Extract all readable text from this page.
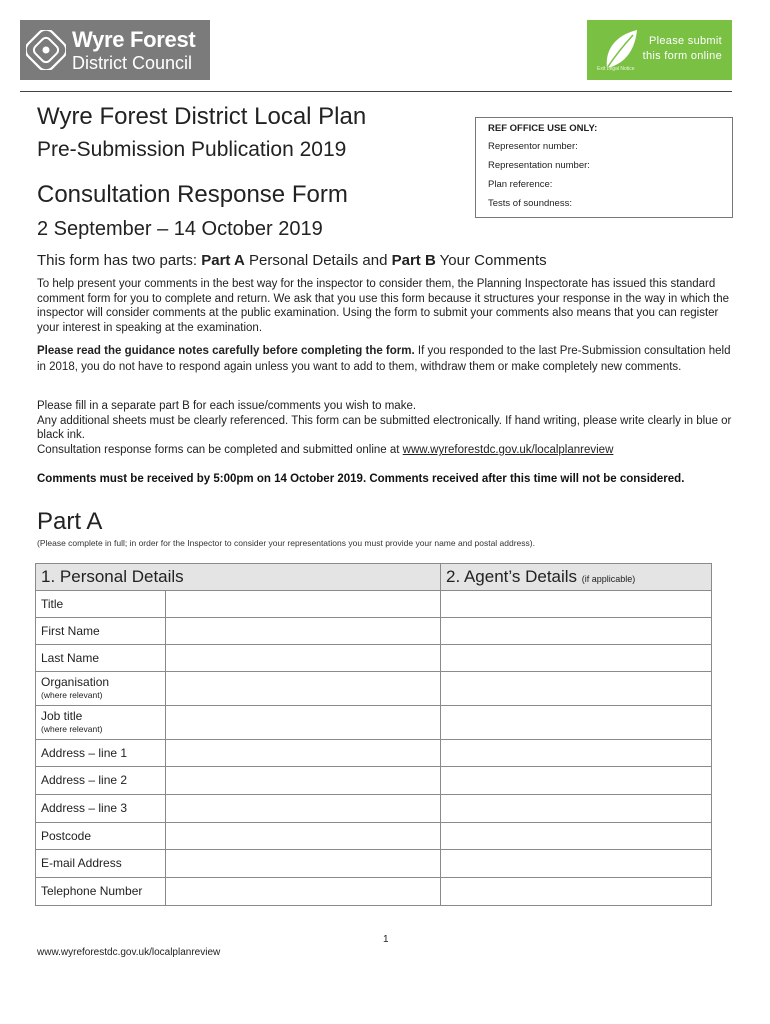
Wyre Forest
District Council
Please submit
this form online
Exit Legal Notice
Wyre Forest District Local Plan
Pre-Submission Publication 2019
Consultation Response Form
2 September – 14 October 2019
REF OFFICE USE ONLY:
Representor number:
Representation number:
Plan reference:
Tests of soundness:
This form has two parts: Part A Personal Details and Part B Your Comments
To help present your comments in the best way for the inspector to consider them, the Planning Inspectorate has issued this standard comment form for you to complete and return. We ask that you use this form because it structures your response in the way in which the inspector will consider comments at the public examination. Using the form to submit your comments also means that you can register your interest in speaking at the examination.
Please read the guidance notes carefully before completing the form. If you responded to the last Pre-Submission consultation held in 2018, you do not have to respond again unless you want to add to them, withdraw them or make completely new comments.
Please fill in a separate part B for each issue/comments you wish to make.
Any additional sheets must be clearly referenced. This form can be submitted electronically. If hand writing, please write clearly in blue or black ink.
Consultation response forms can be completed and submitted online at www.wyreforestdc.gov.uk/localplanreview
Comments must be received by 5:00pm on 14 October 2019. Comments received after this time will not be considered.
Part A
(Please complete in full; in order for the Inspector to consider your representations you must provide your name and postal address).
1. Personal Details		2. Agent’s Details (if applicable)
Title		
First Name		
Last Name		
Organisation
(where relevant)		

Job title
(where relevant)		

Address – line 1		
Address – line 2		
Address – line 3		
Postcode		
E-mail Address		
Telephone Number		
1
www.wyreforestdc.gov.uk/localplanreview
